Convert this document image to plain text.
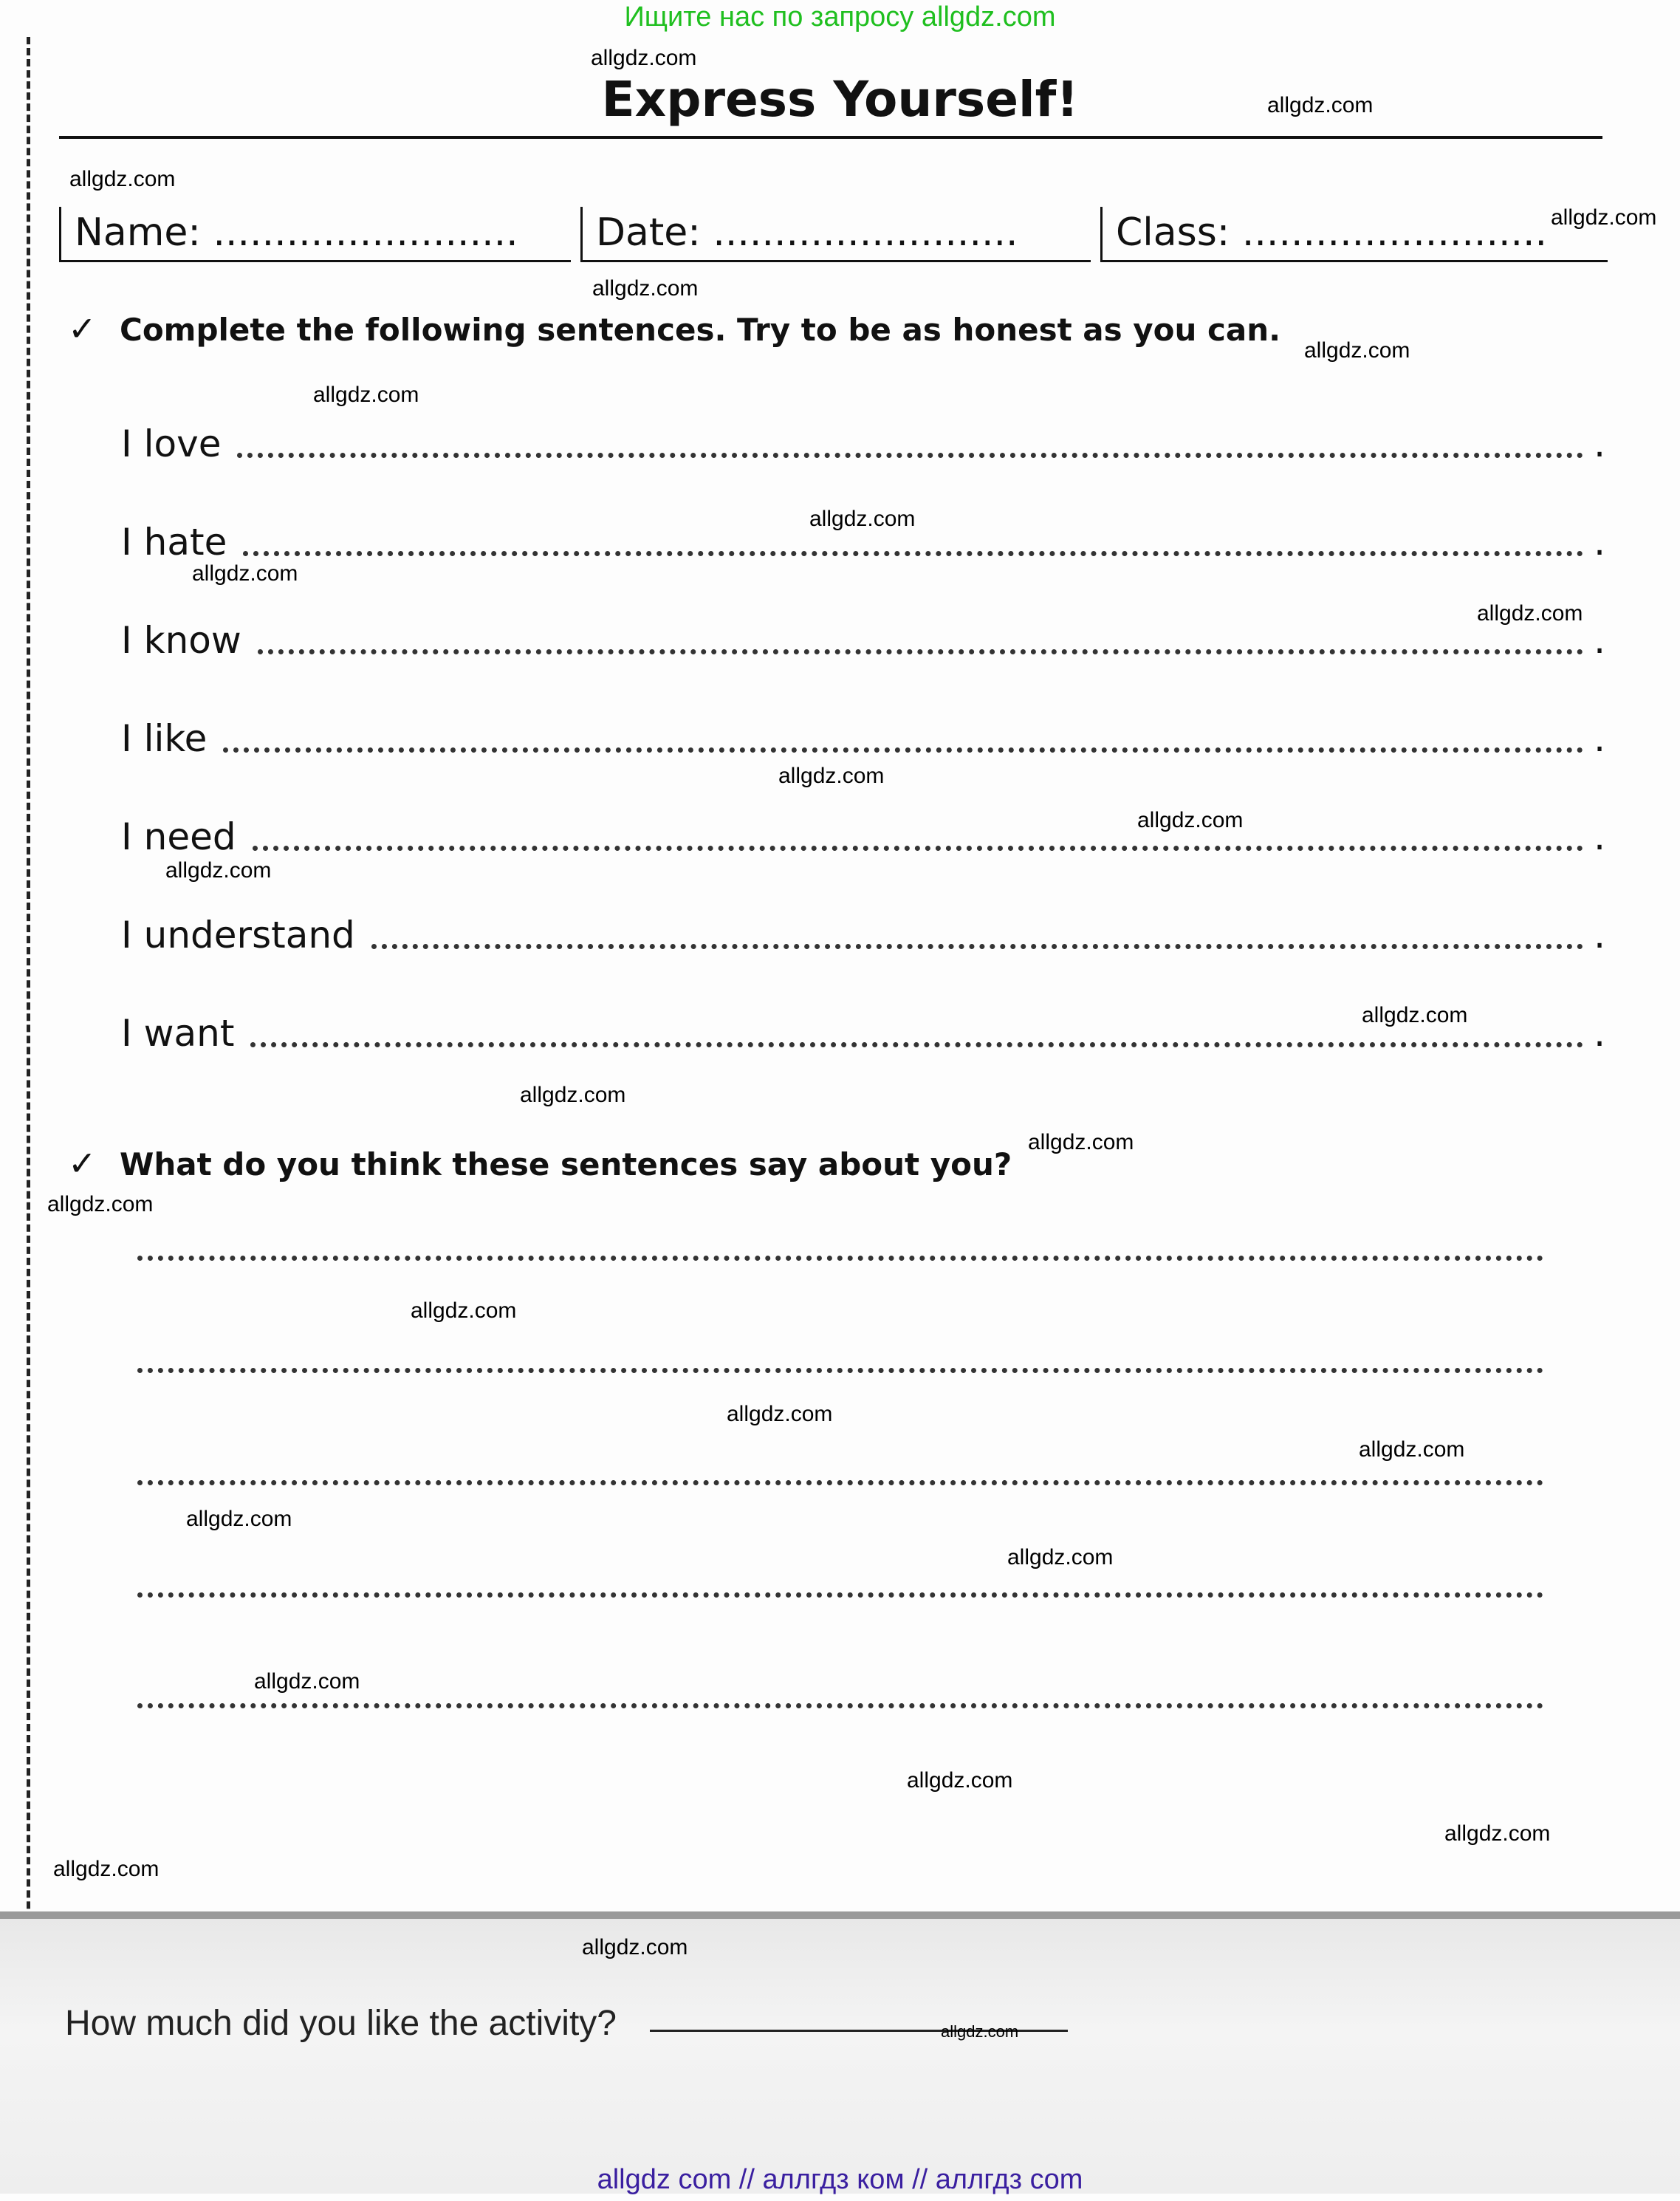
Ищите нас по запросу allgdz.com
Express Yourself!
Name: .........................	Date: .........................	Class: .........................
✓ Complete the following sentences. Try to be as honest as you can.
I love	.
I hate	.
I know	.
I like	.
I need	.
I understand	.
I want	.
✓ What do you think these sentences say about you?
How much did you like the activity?
allgdz.com
allgdz.com
allgdz.com
allgdz.com
allgdz.com
allgdz.com
allgdz.com
allgdz.com
allgdz.com
allgdz.com
allgdz.com
allgdz.com
allgdz.com
allgdz.com
allgdz.com
allgdz.com
allgdz.com
allgdz.com
allgdz.com
allgdz.com
allgdz.com
allgdz.com
allgdz.com
allgdz.com
allgdz.com
allgdz.com
allgdz.com
allgdz.com
allgdz com // аллгдз ком // аллгдз com
